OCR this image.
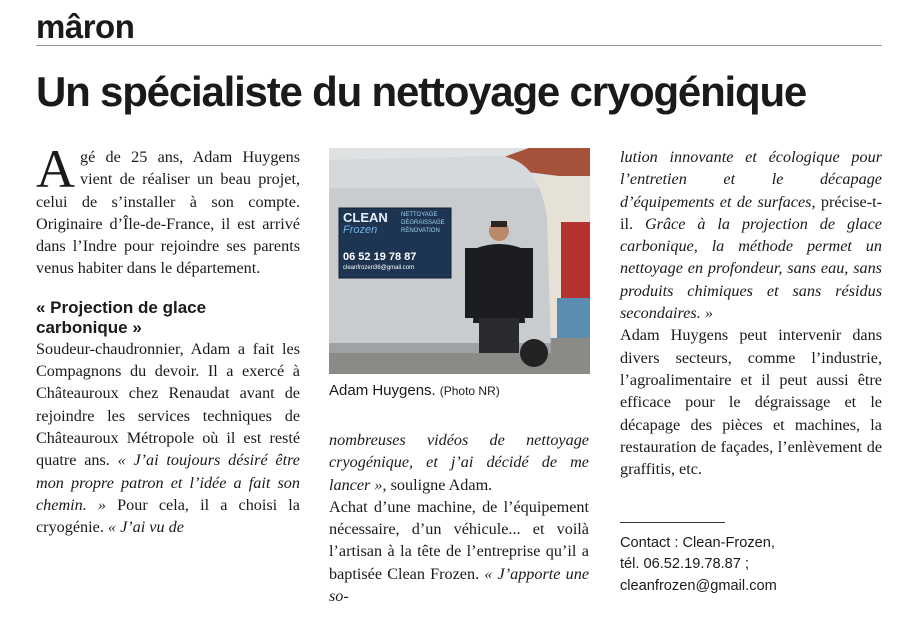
mâron
Un spécialiste du nettoyage cryogénique

Agé de 25 ans, Adam Huygens vient de réaliser un beau projet, celui de s’installer à son compte. Originaire d’Île-de-France, il est arrivé dans l’Indre pour rejoindre ses parents venus habiter dans le département.

« Projection de glace carbonique »

Soudeur-chaudronnier, Adam a fait les Compagnons du devoir. Il a exercé à Châteauroux chez Renaudat avant de rejoindre les services techniques de Châteauroux Métropole où il est resté quatre ans. « J’ai toujours désiré être mon propre patron et l’idée a fait son chemin. » Pour cela, il a choisi la cryogénie. « J’ai vu de

CLEAN
Frozen
NETTOYAGE
DÉGRAISSAGE
RÉNOVATION
06 52 19 78 87
cleanfrozen36@gmail.com
Adam Huygens. (Photo NR)

nombreuses vidéos de nettoyage cryogénique, et j’ai décidé de me lancer », souligne Adam.

Achat d’une machine, de l’équipement nécessaire, d’un véhicule... et voilà l’artisan à la tête de l’entreprise qu’il a baptisée Clean Frozen. « J’apporte une so-

lution innovante et écologique pour l’entretien et le décapage d’équipements et de surfaces, précise-t-il. Grâce à la projection de glace carbonique, la méthode permet un nettoyage en profondeur, sans eau, sans produits chimiques et sans résidus secondaires. »

Adam Huygens peut intervenir dans divers secteurs, comme l’industrie, l’agroalimentaire et il peut aussi être efficace pour le dégraissage et le décapage des pièces et machines, la restauration de façades, l’enlèvement de graffitis, etc.

Contact : Clean-Frozen,
tél. 06.52.19.78.87 ;
cleanfrozen@gmail.com
